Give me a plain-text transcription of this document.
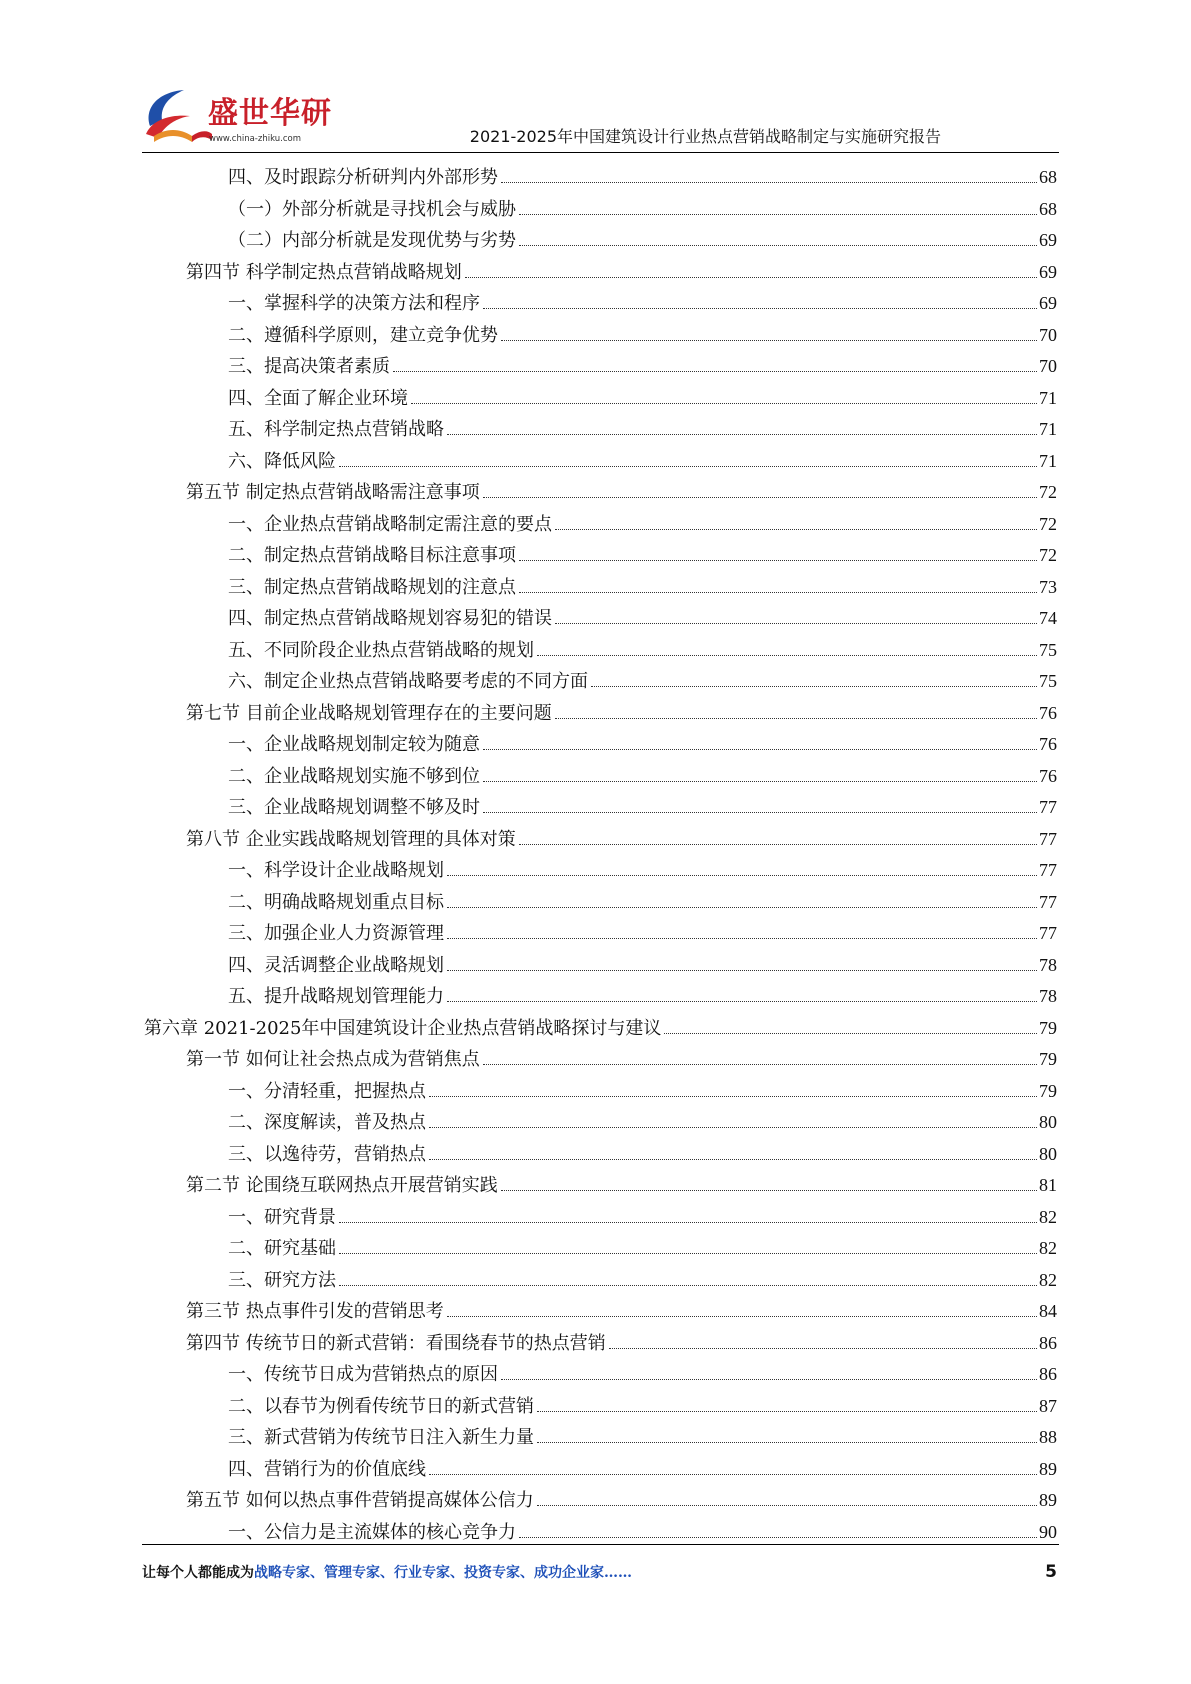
盛世华研
www.china-zhiku.com	2021-2025年中国建筑设计行业热点营销战略制定与实施研究报告
四、及时跟踪分析研判内外部形势	68
（一）外部分析就是寻找机会与威胁	68
（二）内部分析就是发现优势与劣势	69
第四节 科学制定热点营销战略规划	69
一、掌握科学的决策方法和程序	69
二、遵循科学原则，建立竞争优势	70
三、提高决策者素质	70
四、全面了解企业环境	71
五、科学制定热点营销战略	71
六、降低风险	71
第五节 制定热点营销战略需注意事项	72
一、企业热点营销战略制定需注意的要点	72
二、制定热点营销战略目标注意事项	72
三、制定热点营销战略规划的注意点	73
四、制定热点营销战略规划容易犯的错误	74
五、不同阶段企业热点营销战略的规划	75
六、制定企业热点营销战略要考虑的不同方面	75
第七节 目前企业战略规划管理存在的主要问题	76
一、企业战略规划制定较为随意	76
二、企业战略规划实施不够到位	76
三、企业战略规划调整不够及时	77
第八节 企业实践战略规划管理的具体对策	77
一、科学设计企业战略规划	77
二、明确战略规划重点目标	77
三、加强企业人力资源管理	77
四、灵活调整企业战略规划	78
五、提升战略规划管理能力	78
第六章 2021-2025年中国建筑设计企业热点营销战略探讨与建议	79
第一节 如何让社会热点成为营销焦点	79
一、分清轻重，把握热点	79
二、深度解读，普及热点	80
三、以逸待劳，营销热点	80
第二节 论围绕互联网热点开展营销实践	81
一、研究背景	82
二、研究基础	82
三、研究方法	82
第三节 热点事件引发的营销思考	84
第四节 传统节日的新式营销：看围绕春节的热点营销	86
一、传统节日成为营销热点的原因	86
二、以春节为例看传统节日的新式营销	87
三、新式营销为传统节日注入新生力量	88
四、营销行为的价值底线	89
第五节 如何以热点事件营销提高媒体公信力	89
一、公信力是主流媒体的核心竞争力	90
让每个人都能成为战略专家、管理专家、行业专家、投资专家、成功企业家……	5
